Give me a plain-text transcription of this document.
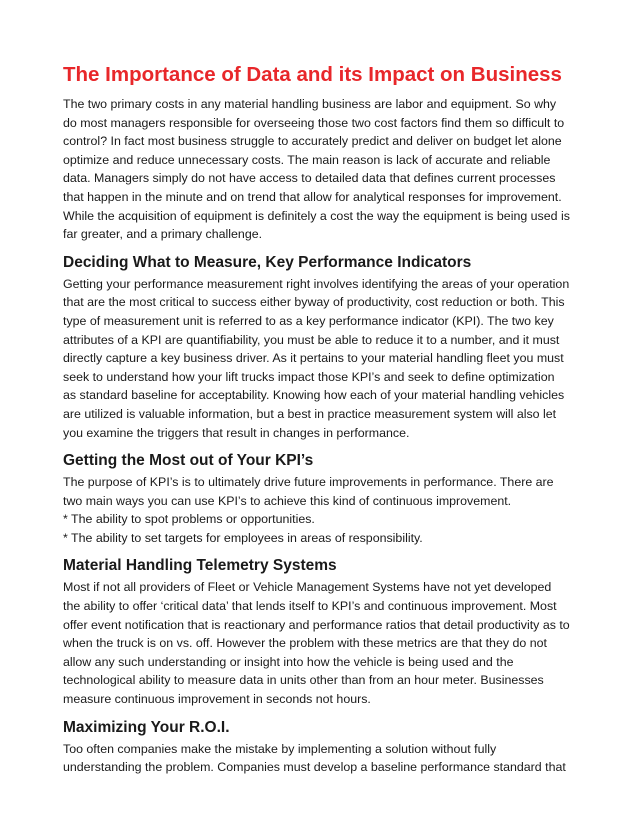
The Importance of Data and its Impact on Business
The two primary costs in any material handling business are labor and equipment. So why
do most managers responsible for overseeing those two cost factors find them so difficult to
control? In fact most business struggle to accurately predict and deliver on budget let alone
optimize and reduce unnecessary costs. The main reason is lack of accurate and reliable
data. Managers simply do not have access to detailed data that defines current processes
that happen in the minute and on trend that allow for analytical responses for improvement.
While the acquisition of equipment is definitely a cost the way the equipment is being used is
far greater, and a primary challenge.
Deciding What to Measure, Key Performance Indicators
Getting your performance measurement right involves identifying the areas of your operation
that are the most critical to success either byway of productivity, cost reduction or both. This
type of measurement unit is referred to as a key performance indicator (KPI). The two key
attributes of a KPI are quantifiability, you must be able to reduce it to a number, and it must
directly capture a key business driver. As it pertains to your material handling fleet you must
seek to understand how your lift trucks impact those KPI’s and seek to define optimization
as standard baseline for acceptability. Knowing how each of your material handling vehicles
are utilized is valuable information, but a best in practice measurement system will also let
you examine the triggers that result in changes in performance.
Getting the Most out of Your KPI’s
The purpose of KPI’s is to ultimately drive future improvements in performance. There are
two main ways you can use KPI’s to achieve this kind of continuous improvement.
* The ability to spot problems or opportunities.
* The ability to set targets for employees in areas of responsibility.
Material Handling Telemetry Systems
Most if not all providers of Fleet or Vehicle Management Systems have not yet developed
the ability to offer ‘critical data’ that lends itself to KPI’s and continuous improvement. Most
offer event notification that is reactionary and performance ratios that detail productivity as to
when the truck is on vs. off. However the problem with these metrics are that they do not
allow any such understanding or insight into how the vehicle is being used and the
technological ability to measure data in units other than from an hour meter. Businesses
measure continuous improvement in seconds not hours.
Maximizing Your R.O.I.
Too often companies make the mistake by implementing a solution without fully
understanding the problem. Companies must develop a baseline performance standard that
